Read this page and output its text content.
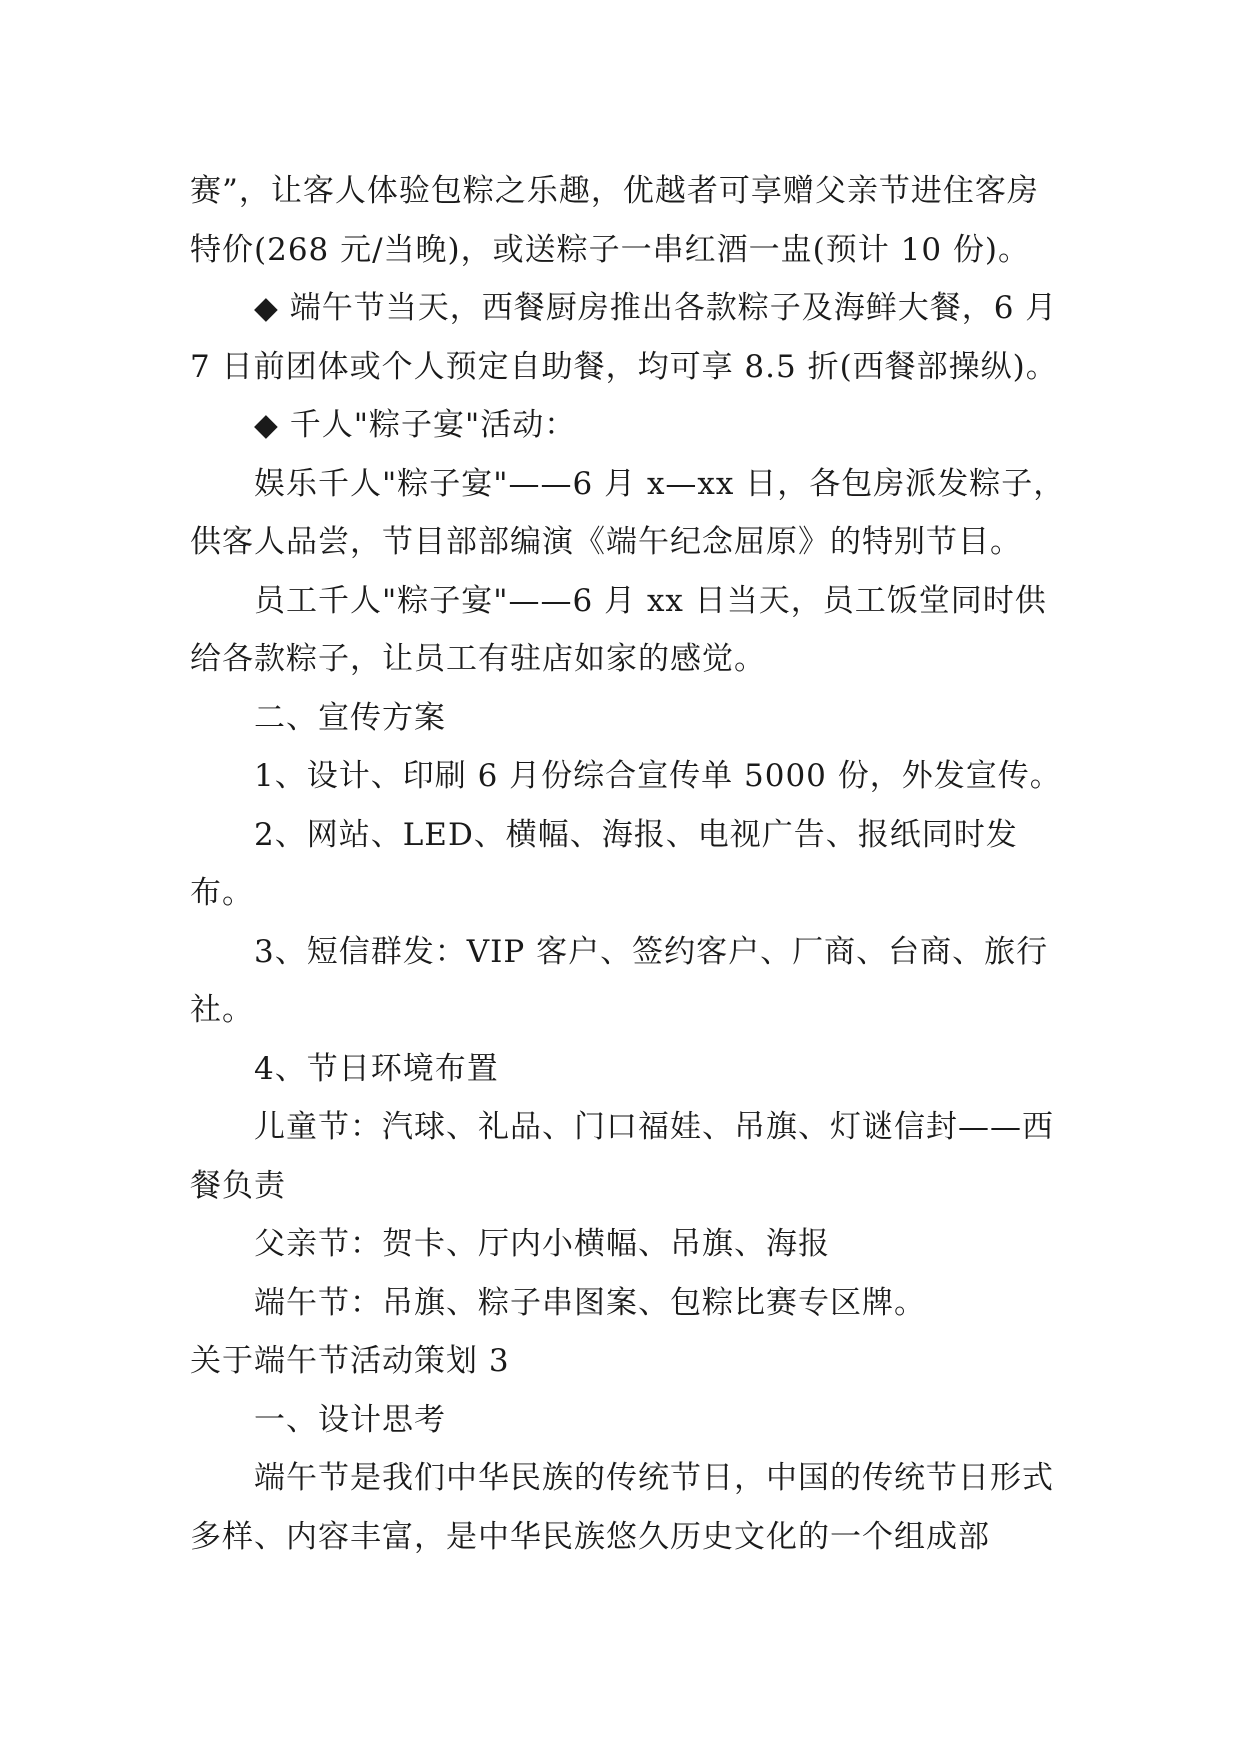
赛”，让客人体验包粽之乐趣，优越者可享赠父亲节进住客房特价(268 元/当晚)，或送粽子一串红酒一盅(预计 10 份)。

◆ 端午节当天，西餐厨房推出各款粽子及海鲜大餐，6 月 7 日前团体或个人预定自助餐，均可享 8.5 折(西餐部操纵)。

◆ 千人"粽子宴"活动：

娱乐千人"粽子宴"——6 月 x—xx 日，各包房派发粽子，供客人品尝，节目部部编演《端午纪念屈原》的特别节目。

员工千人"粽子宴"——6 月 xx 日当天，员工饭堂同时供给各款粽子，让员工有驻店如家的感觉。

二、宣传方案

1、设计、印刷 6 月份综合宣传单 5000 份，外发宣传。

2、网站、LED、横幅、海报、电视广告、报纸同时发布。

3、短信群发：VIP 客户、签约客户、厂商、台商、旅行社。

4、节日环境布置

儿童节：汽球、礼品、门口福娃、吊旗、灯谜信封——西餐负责

父亲节：贺卡、厅内小横幅、吊旗、海报

端午节：吊旗、粽子串图案、包粽比赛专区牌。

关于端午节活动策划 3

一、设计思考

端午节是我们中华民族的传统节日，中国的传统节日形式多样、内容丰富，是中华民族悠久历史文化的一个组成部
